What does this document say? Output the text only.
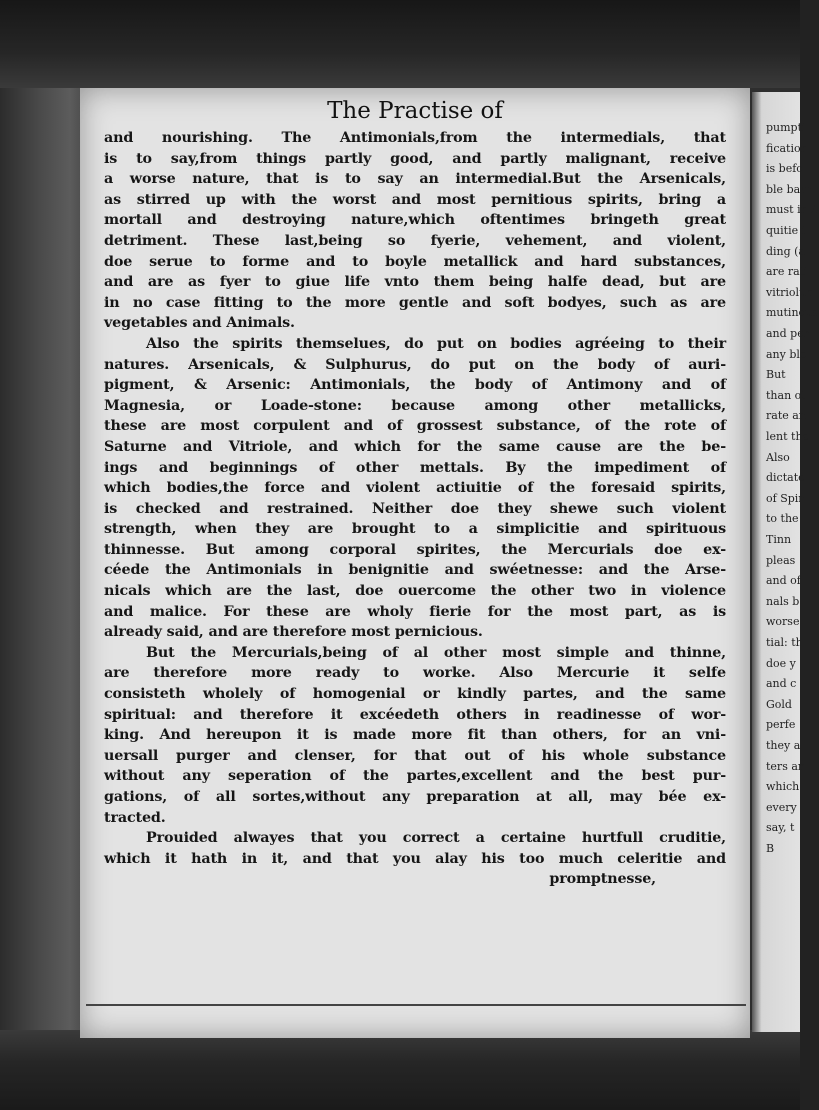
pumpti
fication
is befo
ble barr
must in A
quitie i
ding (a
are rati
vitriolun
mutinous
and per
any ble
But
than ot
rate an
lent the
Also
dictate
of Spir
to the
Tinn
pleas
and of
nals b
worse
tial: th
doe y
and c
Gold
perfe
they a
ters an
which
every
say, t
B
The Practise of
and nourishing. The Antimonials,from the intermedials, that
is to say,from things partly good, and partly malignant, receive
a worse nature, that is to say an intermedial.But the Arsenicals,
as stirred up with the worst and most pernitious spirits, bring a
mortall and destroying nature,which oftentimes bringeth great
detriment. These last,being so fyerie, vehement, and violent,
doe serue to forme and to boyle metallick and hard substances,
and are as fyer to giue life vnto them being halfe dead, but are
in no case fitting to the more gentle and soft bodyes, such as are
vegetables and Animals.
Also the spirits themselues, do put on bodies agréeing to their
natures. Arsenicals, & Sulphurus, do put on the body of auri-
pigment, & Arsenic: Antimonials, the body of Antimony and of
Magnesia, or Loade-stone: because among other metallicks,
these are most corpulent and of grossest substance, of the rote of
Saturne and Vitriole, and which for the same cause are the be-
ings and beginnings of other mettals. By the impediment of
which bodies,the force and violent actiuitie of the foresaid spirits,
is checked and restrained. Neither doe they shewe such violent
strength, when they are brought to a simplicitie and spirituous
thinnesse. But among corporal spirites, the Mercurials doe ex-
céede the Antimonials in benignitie and swéetnesse: and the Arse-
nicals which are the last, doe ouercome the other two in violence
and malice. For these are wholy fierie for the most part, as is
already said, and are therefore most pernicious.
But the Mercurials,being of al other most simple and thinne,
are therefore more ready to worke. Also Mercurie it selfe
consisteth wholely of homogenial or kindly partes, and the same
spiritual: and therefore it excéedeth others in readinesse of wor-
king. And hereupon it is made more fit than others, for an vni-
uersall purger and clenser, for that out of his whole substance
without any seperation of the partes,excellent and the best pur-
gations, of all sortes,without any preparation at all, may bée ex-
tracted.
Prouided alwayes that you correct a certaine hurtfull cruditie,
which it hath in it, and that you alay his too much celeritie and
promptnesse,
